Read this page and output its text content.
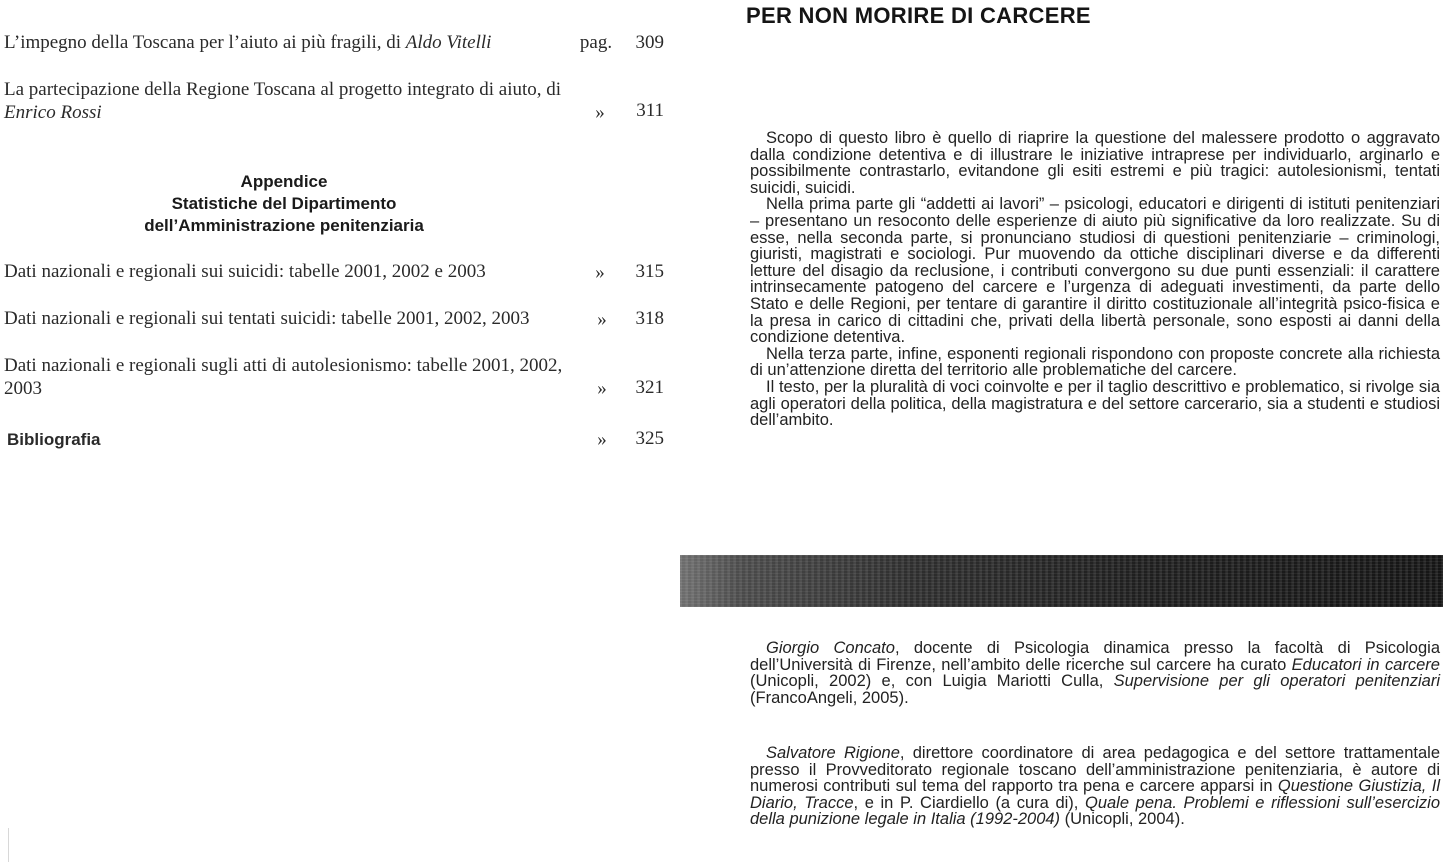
L’impegno della Toscana per l’aiuto ai più fragili, di Aldo Vitelli	pag.	309
La partecipazione della Regione Toscana al progetto integrato di aiuto, di Enrico Rossi	»	311
Appendice
Statistiche del Dipartimento
dell’Amministrazione penitenziaria
Dati nazionali e regionali sui suicidi: tabelle 2001, 2002 e 2003	»	315
Dati nazionali e regionali sui tentati suicidi: tabelle 2001, 2002, 2003	»	318
Dati nazionali e regionali sugli atti di autolesionismo: tabelle 2001, 2002, 2003	»	321
Bibliografia	»	325
PER NON MORIRE DI CARCERE

Scopo di questo libro è quello di riaprire la questione del malessere prodotto o aggravato dalla condizione detentiva e di illustrare le iniziative intraprese per individuarlo, arginarlo e possibilmente contrastarlo, evitandone gli esiti estremi e più tragici: autolesionismi, tentati suicidi, suicidi.

Nella prima parte gli “addetti ai lavori” – psicologi, educatori e dirigenti di istituti penitenziari – presentano un resoconto delle esperienze di aiuto più significative da loro realizzate. Su di esse, nella seconda parte, si pronunciano studiosi di questioni penitenziarie – criminologi, giuristi, magistrati e sociologi. Pur muovendo da ottiche disciplinari diverse e da differenti letture del disagio da reclusione, i contributi convergono su due punti essenziali: il carattere intrinsecamente patogeno del carcere e l’urgenza di adeguati investimenti, da parte dello Stato e delle Regioni, per tentare di garantire il diritto costituzionale all’integrità psico-fisica e la presa in carico di cittadini che, privati della libertà personale, sono esposti ai danni della condizione detentiva.

Nella terza parte, infine, esponenti regionali rispondono con proposte concrete alla richiesta di un’attenzione diretta del territorio alle problematiche del carcere.

Il testo, per la pluralità di voci coinvolte e per il taglio descrittivo e problematico, si rivolge sia agli operatori della politica, della magistratura e del settore carcerario, sia a studenti e studiosi dell’ambito.

Giorgio Concato, docente di Psicologia dinamica presso la facoltà di Psicologia dell’Università di Firenze, nell’ambito delle ricerche sul carcere ha curato Educatori in carcere (Unicopli, 2002) e, con Luigia Mariotti Culla, Supervisione per gli operatori penitenziari (FrancoAngeli, 2005).

Salvatore Rigione, direttore coordinatore di area pedagogica e del settore trattamentale presso il Provveditorato regionale toscano dell’amministrazione penitenziaria, è autore di numerosi contributi sul tema del rapporto tra pena e carcere apparsi in Questione Giustizia, Il Diario, Tracce, e in P. Ciardiello (a cura di), Quale pena. Problemi e riflessioni sull’esercizio della punizione legale in Italia (1992-2004) (Unicopli, 2004).
